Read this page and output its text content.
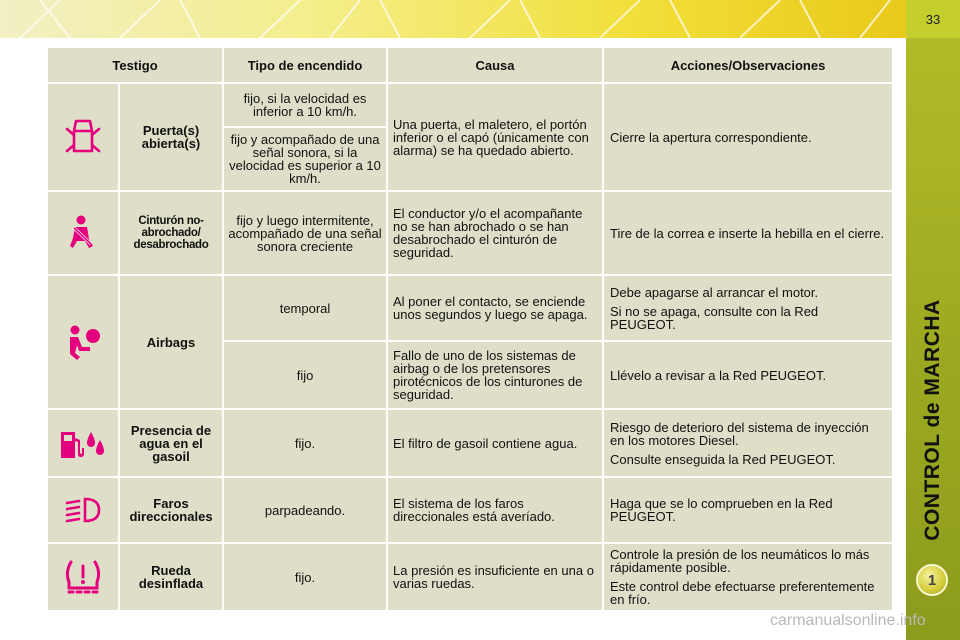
33
CONTROL de MARCHA
1
carmanualsonline.info
Testigo		Tipo de encendido	Causa	Acciones/Observaciones

	Puerta(s) abierta(s)	fijo, si la velocidad es inferior a 10 km/h.	Una puerta, el maletero, el portón inferior o el capó (únicamente con alarma) se ha quedado abierto.	Cierre la apertura correspondiente.
		fijo y acompañado de una señal sonora, si la velocidad es superior a 10 km/h.		

	Cinturón no-abrochado/ desabrochado	fijo y luego intermitente, acompañado de una señal sonora creciente	El conductor y/o el acompañante no se han abrochado o se han desabrochado el cinturón de seguridad.	Tire de la correa e inserte la hebilla en el cierre.

	Airbags	temporal	Al poner el contacto, se enciende unos segundos y luego se apaga.	Debe apagarse al arrancar el motor.

Si no se apaga, consulte con la Red PEUGEOT.

		fijo	Fallo de uno de los sistemas de airbag o de los pretensores pirotécnicos de los cinturones de seguridad.	Llévelo a revisar a la Red PEUGEOT.

	Presencia de agua en el gasoil	fijo.	El filtro de gasoil contiene agua.	Riesgo de deterioro del sistema de inyección en los motores Diesel.

Consulte enseguida la Red PEUGEOT.

	Faros direccionales	parpadeando.	El sistema de los faros direccionales está averíado.	Haga que se lo comprueben en la Red PEUGEOT.

	Rueda desinflada	fijo.	La presión es insuficiente en una o varias ruedas.	Controle la presión de los neumáticos lo más rápidamente posible.

Este control debe efectuarse preferentemente en frío.
